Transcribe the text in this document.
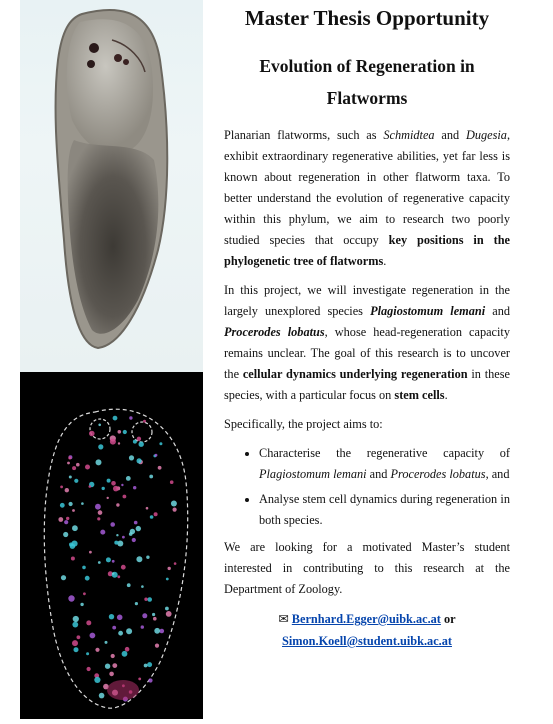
Master Thesis Opportunity
Evolution of Regeneration in Flatworms

Planarian flatworms, such as Schmidtea and Dugesia, exhibit extraordinary regenerative abilities, yet far less is known about regeneration in other flatworm taxa. To better understand the evolution of regenerative capacity within this phylum, we aim to research two poorly studied species that occupy key positions in the phylogenetic tree of flatworms.

In this project, we will investigate regeneration in the largely unexplored species Plagiostomum lemani and Procerodes lobatus, whose head-regeneration capacity remains unclear. The goal of this research is to uncover the cellular dynamics underlying regeneration in these species, with a particular focus on stem cells.

Specifically, the project aims to:

• Characterise the regenerative capacity of Plagiostomum lemani and Procerodes lobatus, and
• Analyse stem cell dynamics during regeneration in both species.

We are looking for a motivated Master’s student interested in contributing to this research at the Department of Zoology.

✉ Bernhard.Egger@uibk.ac.at or
Simon.Koell@student.uibk.ac.at
